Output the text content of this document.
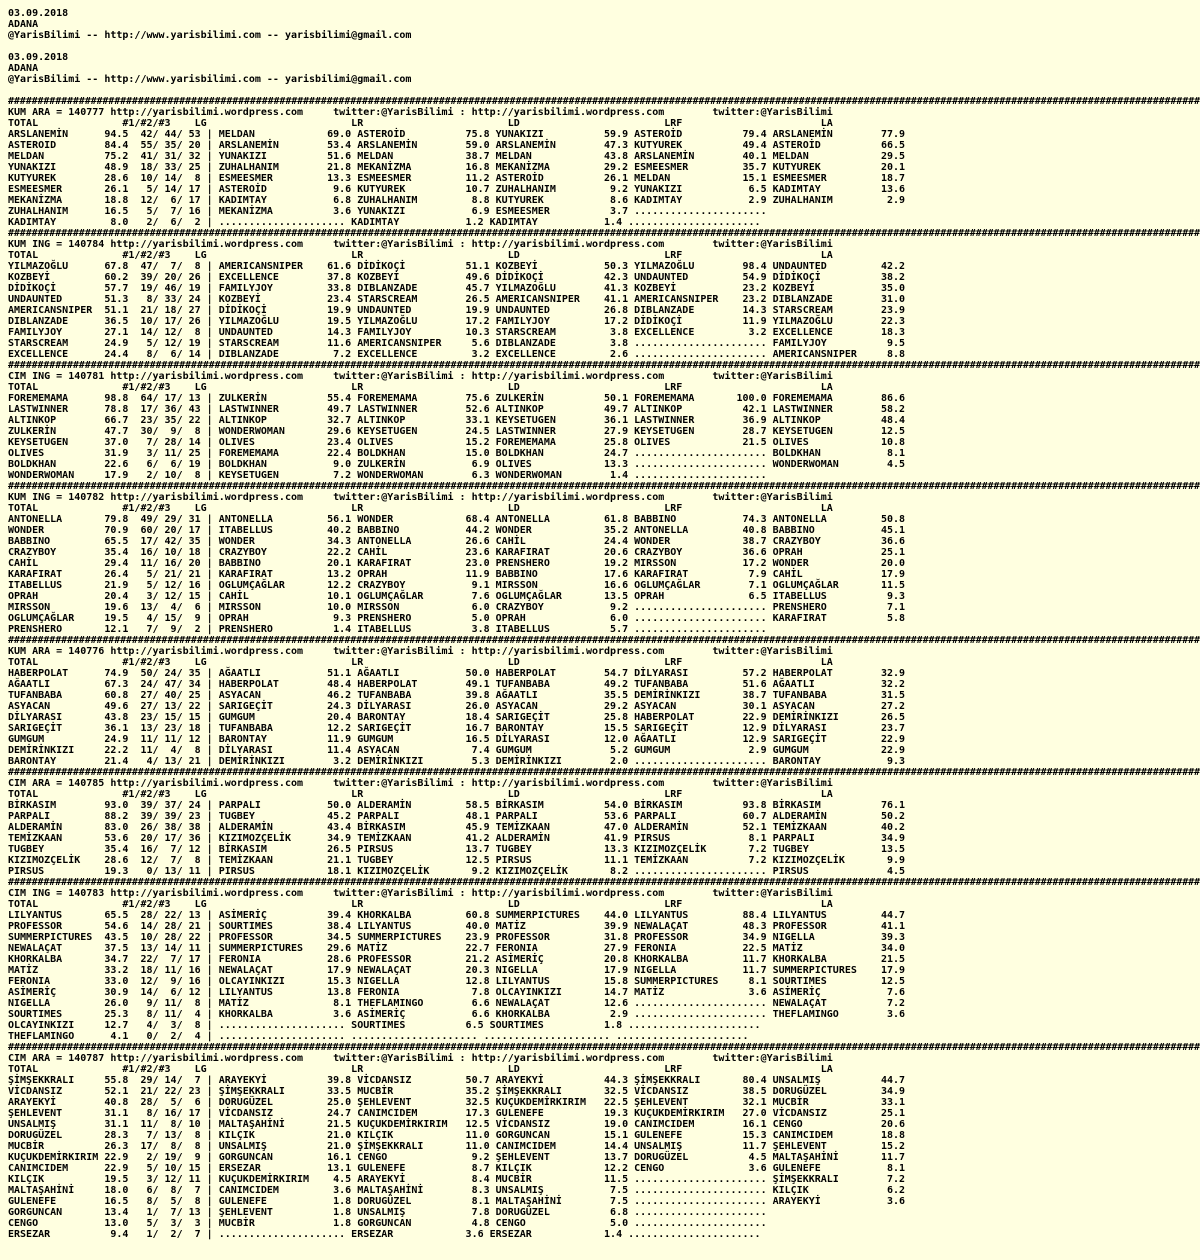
03.09.2018
ADANA
@YarisBilimi -- http://www.yarisbilimi.com -- yarisbilimi@gmail.com

03.09.2018
ADANA
@YarisBilimi -- http://www.yarisbilimi.com -- yarisbilimi@gmail.com

##########################################################################################################################################################################################################
KUM ARA = 140777 http://yarisbilimi.wordpress.com     twitter:@YarisBilimi : http://yarisbilimi.wordpress.com        twitter:@YarisBilimi
TOTAL              #1/#2/#3    LG                        LR                        LD                        LRF                       LA
ARSLANEMİN      94.5  42/ 44/ 53 | MELDAN            69.0 ASTEROİD          75.8 YUNAKIZI          59.9 ASTEROİD          79.4 ARSLANEMİN        77.9
ASTEROID        84.4  55/ 35/ 20 | ARSLANEMİN        53.4 ARSLANEMİN        59.0 ARSLANEMİN        47.3 KUTYUREK          49.4 ASTEROİD          66.5
MELDAN          75.2  41/ 31/ 32 | YUNAKIZI          51.6 MELDAN            38.7 MELDAN            43.8 ARSLANEMİN        40.1 MELDAN            29.5
YUNAKIZI        48.9  18/ 33/ 25 | ZUHALHANIM        21.8 MEKANİZMA         16.8 MEKANİZMA         29.2 ESMEESMER         35.7 KUTYUREK          20.1
KUTYUREK        28.6  10/ 14/  8 | ESMEESMER         13.3 ESMEESMER         11.2 ASTEROİD          26.1 MELDAN            15.1 ESMEESMER         18.7
ESMEESMER       26.1   5/ 14/ 17 | ASTEROİD           9.6 KUTYUREK          10.7 ZUHALHANIM         9.2 YUNAKIZI           6.5 KADIMTAY          13.6
MEKANİZMA       18.8  12/  6/ 17 | KADIMTAY           6.8 ZUHALHANIM         8.8 KUTYUREK           8.6 KADIMTAY           2.9 ZUHALHANIM         2.9
ZUHALHANIM      16.5   5/  7/ 16 | MEKANİZMA          3.6 YUNAKIZI           6.9 ESMEESMER          3.7 ......................
KADIMTAY         8.0   2/  6/  2 | ..................... KADIMTAY           1.2 KADIMTAY           1.4 ......................
##########################################################################################################################################################################################################
KUM ING = 140784 http://yarisbilimi.wordpress.com     twitter:@YarisBilimi : http://yarisbilimi.wordpress.com        twitter:@YarisBilimi
TOTAL              #1/#2/#3    LG                        LR                        LD                        LRF                       LA
YILMAZOĞLU      67.8  47/  7/  8 | AMERICANSNIPER    61.6 DİDİKOÇİ          51.1 KOZBEYİ           50.3 YILMAZOĞLU        98.4 UNDAUNTED         42.2
KOZBEYİ         60.2  39/ 20/ 26 | EXCELLENCE        37.8 KOZBEYİ           49.6 DİDİKOÇİ          42.3 UNDAUNTED         54.9 DİDİKOÇİ          38.2
DİDİKOÇİ        57.7  19/ 46/ 19 | FAMILYJOY         33.8 DIBLANZADE        45.7 YILMAZOĞLU        41.3 KOZBEYİ           23.2 KOZBEYİ           35.0
UNDAUNTED       51.3   8/ 33/ 24 | KOZBEYİ           23.4 STARSCREAM        26.5 AMERICANSNIPER    41.1 AMERICANSNIPER    23.2 DIBLANZADE        31.0
AMERICANSNIPER  51.1  21/ 18/ 27 | DİDİKOÇİ          19.9 UNDAUNTED         19.9 UNDAUNTED         26.8 DIBLANZADE        14.3 STARSCREAM        23.9
DIBLANZADE      36.5  10/ 17/ 26 | YILMAZOĞLU        19.5 YILMAZOĞLU        17.2 FAMILYJOY         17.2 DİDİKOÇİ          11.9 YILMAZOĞLU        22.3
FAMILYJOY       27.1  14/ 12/  8 | UNDAUNTED         14.3 FAMILYJOY         10.3 STARSCREAM         3.8 EXCELLENCE         3.2 EXCELLENCE        18.3
STARSCREAM      24.9   5/ 12/ 19 | STARSCREAM        11.6 AMERICANSNIPER     5.6 DIBLANZADE         3.8 ...................... FAMILYJOY          9.5
EXCELLENCE      24.4   8/  6/ 14 | DIBLANZADE         7.2 EXCELLENCE         3.2 EXCELLENCE         2.6 ...................... AMERICANSNIPER     8.8
##########################################################################################################################################################################################################
CIM ING = 140781 http://yarisbilimi.wordpress.com     twitter:@YarisBilimi : http://yarisbilimi.wordpress.com        twitter:@YarisBilimi
TOTAL              #1/#2/#3    LG                        LR                        LD                        LRF                       LA
FOREMEMAMA      98.8  64/ 17/ 13 | ZULKERİN          55.4 FOREMEMAMA        75.6 ZULKERİN          50.1 FOREMEMAMA       100.0 FOREMEMAMA        86.6
LASTWINNER      78.8  17/ 36/ 43 | LASTWINNER        49.7 LASTWINNER        52.6 ALTINKOP          49.7 ALTINKOP          42.1 LASTWINNER        58.2
ALTINKOP        66.7  23/ 35/ 22 | ALTINKOP          32.7 ALTINKOP          33.1 KEYSETUGEN        36.1 LASTWINNER        36.9 ALTINKOP          48.4
ZULKERİN        47.7  30/  9/  8 | WONDERWOMAN       29.6 KEYSETUGEN        24.5 LASTWINNER        27.9 KEYSETUGEN        28.7 KEYSETUGEN        12.5
KEYSETUGEN      37.0   7/ 28/ 14 | OLIVES            23.4 OLIVES            15.2 FOREMEMAMA        25.8 OLIVES            21.5 OLIVES            10.8
OLIVES          31.9   3/ 11/ 25 | FOREMEMAMA        22.4 BOLDKHAN          15.0 BOLDKHAN          24.7 ...................... BOLDKHAN           8.1
BOLDKHAN        22.6   6/  6/ 19 | BOLDKHAN           9.0 ZULKERİN           6.9 OLIVES            13.3 ...................... WONDERWOMAN        4.5
WONDERWOMAN     17.9   2/ 10/  8 | KEYSETUGEN         7.2 WONDERWOMAN        6.3 WONDERWOMAN        1.4 ......................
##########################################################################################################################################################################################################
KUM ING = 140782 http://yarisbilimi.wordpress.com     twitter:@YarisBilimi : http://yarisbilimi.wordpress.com        twitter:@YarisBilimi
TOTAL              #1/#2/#3    LG                        LR                        LD                        LRF                       LA
ANTONELLA       79.8  49/ 29/ 31 | ANTONELLA         56.1 WONDER            68.4 ANTONELLA         61.8 BABBINO           74.3 ANTONELLA         50.8
WONDER          70.9  60/ 20/ 17 | ITABELLUS         40.2 BABBINO           44.2 WONDER            35.2 ANTONELLA         40.8 BABBINO           45.1
BABBINO         65.5  17/ 42/ 35 | WONDER            34.3 ANTONELLA         26.6 CAHİL             24.4 WONDER            38.7 CRAZYBOY          36.6
CRAZYBOY        35.4  16/ 10/ 18 | CRAZYBOY          22.2 CAHİL             23.6 KARAFIRAT         20.6 CRAZYBOY          36.6 OPRAH             25.1
CAHİL           29.4  11/ 16/ 20 | BABBINO           20.1 KARAFIRAT         23.0 PRENSHERO         19.2 MIRSSON           17.2 WONDER            20.0
KARAFIRAT       26.4   5/ 21/ 21 | KARAFIRAT         13.2 OPRAH             11.9 BABBINO           17.6 KARAFIRAT          7.9 CAHİL             17.9
ITABELLUS       21.9   5/ 12/ 16 | OGLUMÇAĞLAR       12.2 CRAZYBOY           9.1 MIRSSON           16.6 OGLUMÇAĞLAR        7.1 OGLUMÇAĞLAR       11.5
OPRAH           20.4   3/ 12/ 15 | CAHİL             10.1 OGLUMÇAĞLAR        7.6 OGLUMÇAĞLAR       13.5 OPRAH              6.5 ITABELLUS          9.3
MIRSSON         19.6  13/  4/  6 | MIRSSON           10.0 MIRSSON            6.0 CRAZYBOY           9.2 ...................... PRENSHERO          7.1
OGLUMÇAĞLAR     19.5   4/ 15/  9 | OPRAH              9.3 PRENSHERO          5.0 OPRAH              6.0 ...................... KARAFIRAT          5.8
PRENSHERO       12.1   7/  9/  2 | PRENSHERO          1.4 ITABELLUS          3.8 ITABELLUS          5.7 ......................
##########################################################################################################################################################################################################
KUM ARA = 140776 http://yarisbilimi.wordpress.com     twitter:@YarisBilimi : http://yarisbilimi.wordpress.com        twitter:@YarisBilimi
TOTAL              #1/#2/#3    LG                        LR                        LD                        LRF                       LA
HABERPOLAT      74.9  50/ 24/ 35 | AĞAATLI           51.1 AĞAATLI           50.0 HABERPOLAT        54.7 DİLYARASI         57.2 HABERPOLAT        32.9
AĞAATLI         67.3  24/ 47/ 34 | HABERPOLAT        48.4 HABERPOLAT        49.1 TUFANBABA         49.2 TUFANBABA         51.6 AĞAATLI           32.2
TUFANBABA       60.8  27/ 40/ 25 | ASYACAN           46.2 TUFANBABA         39.8 AĞAATLI           35.5 DEMİRİNKIZI       38.7 TUFANBABA         31.5
ASYACAN         49.6  27/ 13/ 22 | SARIGEÇİT         24.3 DİLYARASI         26.0 ASYACAN           29.2 ASYACAN           30.1 ASYACAN           27.2
DİLYARASI       43.8  23/ 15/ 15 | GUMGUM            20.4 BARONTAY          18.4 SARIGEÇİT         25.8 HABERPOLAT        22.9 DEMİRİNKIZI       26.5
SARIGEÇİT       36.1  13/ 23/ 18 | TUFANBABA         12.2 SARIGEÇİT         16.7 BARONTAY          15.5 SARIGEÇİT         12.9 DİLYARASI         23.7
GUMGUM          24.9  11/ 11/ 12 | BARONTAY          11.9 GUMGUM            16.5 DİLYARASI         12.0 AĞAATLI           12.9 SARIGEÇİT         22.9
DEMİRİNKIZI     22.2  11/  4/  8 | DİLYARASI         11.4 ASYACAN            7.4 GUMGUM             5.2 GUMGUM             2.9 GUMGUM            22.9
BARONTAY        21.4   4/ 13/ 21 | DEMİRİNKIZI        3.2 DEMİRİNKIZI        5.3 DEMİRİNKIZI        2.0 ...................... BARONTAY           9.3
##########################################################################################################################################################################################################
CIM ARA = 140785 http://yarisbilimi.wordpress.com     twitter:@YarisBilimi : http://yarisbilimi.wordpress.com        twitter:@YarisBilimi
TOTAL              #1/#2/#3    LG                        LR                        LD                        LRF                       LA
BİRKASIM        93.0  39/ 37/ 24 | PARPALI           50.0 ALDERAMİN         58.5 BİRKASIM          54.0 BİRKASIM          93.8 BİRKASIM          76.1
PARPALI         88.2  39/ 39/ 23 | TUGBEY            45.2 PARPALI           48.1 PARPALI           53.6 PARPALI           60.7 ALDERAMİN         50.2
ALDERAMİN       83.0  26/ 38/ 38 | ALDERAMİN         43.4 BİRKASIM          45.9 TEMİZKAAN         47.0 ALDERAMİN         52.1 TEMİZKAAN         40.2
TEMİZKAAN       53.6  20/ 17/ 36 | KIZIMOZÇELİK      34.9 TEMİZKAAN         41.2 ALDERAMİN         41.9 PIRSUS             8.1 PARPALI           34.9
TUGBEY          35.4  16/  7/ 12 | BİRKASIM          26.5 PIRSUS            13.7 TUGBEY            13.3 KIZIMOZÇELİK       7.2 TUGBEY            13.5
KIZIMOZÇELİK    28.6  12/  7/  8 | TEMİZKAAN         21.1 TUGBEY            12.5 PIRSUS            11.1 TEMİZKAAN          7.2 KIZIMOZÇELİK       9.9
PIRSUS          19.3   0/ 13/ 11 | PIRSUS            18.1 KIZIMOZÇELİK       9.2 KIZIMOZÇELİK       8.2 ...................... PIRSUS             4.5
##########################################################################################################################################################################################################
CIM ING = 140783 http://yarisbilimi.wordpress.com     twitter:@YarisBilimi : http://yarisbilimi.wordpress.com        twitter:@YarisBilimi
TOTAL              #1/#2/#3    LG                        LR                        LD                        LRF                       LA
LILYANTUS       65.5  28/ 22/ 13 | ASİMERİÇ          39.4 KHORKALBA         60.8 SUMMERPICTURES    44.0 LILYANTUS         88.4 LILYANTUS         44.7
PROFESSOR       54.6  14/ 28/ 21 | SOURTIMES         38.4 LILYANTUS         40.0 MATİZ             39.9 NEWALAÇAT         48.3 PROFESSOR         41.1
SUMMERPICTURES  43.5  10/ 28/ 22 | PROFESSOR         34.5 SUMMERPICTURES    23.9 PROFESSOR         31.8 PROFESSOR         34.9 NIGELLA           39.3
NEWALAÇAT       37.5  13/ 14/ 11 | SUMMERPICTURES    29.6 MATİZ             22.7 FERONIA           27.9 FERONIA           22.5 MATİZ             34.0
KHORKALBA       34.7  22/  7/ 17 | FERONIA           28.6 PROFESSOR         21.2 ASİMERİÇ          20.8 KHORKALBA         11.7 KHORKALBA         21.5
MATİZ           33.2  18/ 11/ 16 | NEWALAÇAT         17.9 NEWALAÇAT         20.3 NIGELLA           17.9 NIGELLA           11.7 SUMMERPICTURES    17.9
FERONIA         33.0  12/  9/ 16 | OLCAYINKIZI       15.3 NIGELLA           12.8 LILYANTUS         15.8 SUMMERPICTURES     8.1 SOURTIMES         12.5
ASİMERİÇ        30.9  14/  6/ 12 | LILYANTUS         13.8 FERONIA            7.8 OLCAYINKIZI       14.7 MATİZ              3.6 ASİMERİÇ           7.6
NIGELLA         26.0   9/ 11/  8 | MATİZ              8.1 THEFLAMINGO        6.6 NEWALAÇAT         12.6 ...................... NEWALAÇAT          7.2
SOURTIMES       25.3   8/ 11/  4 | KHORKALBA          3.6 ASİMERİÇ           6.6 KHORKALBA          2.9 ...................... THEFLAMINGO        3.6
OLCAYINKIZI     12.7   4/  3/  8 | ..................... SOURTIMES          6.5 SOURTIMES          1.8 ......................
THEFLAMINGO      4.1   0/  2/  4 | ..................... ..................... ..................... ......................
##########################################################################################################################################################################################################
CIM ARA = 140787 http://yarisbilimi.wordpress.com     twitter:@YarisBilimi : http://yarisbilimi.wordpress.com        twitter:@YarisBilimi
TOTAL              #1/#2/#3    LG                        LR                        LD                        LRF                       LA
ŞİMŞEKKRALI     55.8  29/ 14/  7 | ARAYEKYİ          39.8 VİCDANSIZ         50.7 ARAYEKYİ          44.3 ŞİMŞEKKRALI       80.4 UNSALMIŞ          44.7
VİCDANSIZ       52.1  21/ 22/ 23 | ŞİMŞEKKRALI       33.5 MUCBİR            35.2 ŞİMŞEKKRALI       32.5 VİCDANSIZ         38.5 DORUGÜZEL         34.9
ARAYEKYİ        40.8  28/  5/  6 | DORUGÜZEL         25.0 ŞEHLEVENT         32.5 KUÇUKDEMİRKIRIM   22.5 ŞEHLEVENT         32.1 MUCBİR            33.1
ŞEHLEVENT       31.1   8/ 16/ 17 | VİCDANSIZ         24.7 CANIMCIDEM        17.3 GULENEFE          19.3 KUÇUKDEMİRKIRIM   27.0 VİCDANSIZ         25.1
UNSALMIŞ        31.1  11/  8/ 10 | MALTAŞAHİNİ       21.5 KUÇUKDEMİRKIRIM   12.5 VİCDANSIZ         19.0 CANIMCIDEM        16.1 CENGO             20.6
DORUGÜZEL       28.3   7/ 13/  8 | KILÇIK            21.0 KILÇIK            11.0 GORGUNCAN         15.1 GULENEFE          15.3 CANIMCIDEM        18.8
MUCBİR          26.3  17/  8/  8 | UNSALMIŞ          21.0 ŞİMŞEKKRALI       11.0 CANIMCIDEM        14.4 UNSALMIŞ          11.7 ŞEHLEVENT         15.2
KUÇUKDEMİRKIRIM 22.9   2/ 19/  9 | GORGUNCAN         16.1 CENGO              9.2 ŞEHLEVENT         13.7 DORUGÜZEL          4.5 MALTAŞAHİNİ       11.7
CANIMCIDEM      22.9   5/ 10/ 15 | ERSEZAR           13.1 GULENEFE           8.7 KILÇIK            12.2 CENGO              3.6 GULENEFE           8.1
KILÇIK          19.5   3/ 12/ 11 | KUÇUKDEMİRKIRIM    4.5 ARAYEKYİ           8.4 MUCBİR            11.5 ...................... ŞİMŞEKKRALI        7.2
MALTAŞAHİNİ     18.0   6/  8/  7 | CANIMCIDEM         3.6 MALTAŞAHİNİ        8.3 UNSALMIŞ           7.5 ...................... KILÇIK             6.2
GULENEFE        16.5   8/  5/  8 | GULENEFE           1.8 DORUGÜZEL          8.1 MALTAŞAHİNİ        7.5 ...................... ARAYEKYİ           3.6
GORGUNCAN       13.4   1/  7/ 13 | ŞEHLEVENT          1.8 UNSALMIŞ           7.8 DORUGÜZEL          6.8 ......................
CENGO           13.0   5/  3/  3 | MUCBİR             1.8 GORGUNCAN          4.8 CENGO              5.0 ......................
ERSEZAR          9.4   1/  2/  7 | ..................... ERSEZAR            3.6 ERSEZAR            1.4 ......................
